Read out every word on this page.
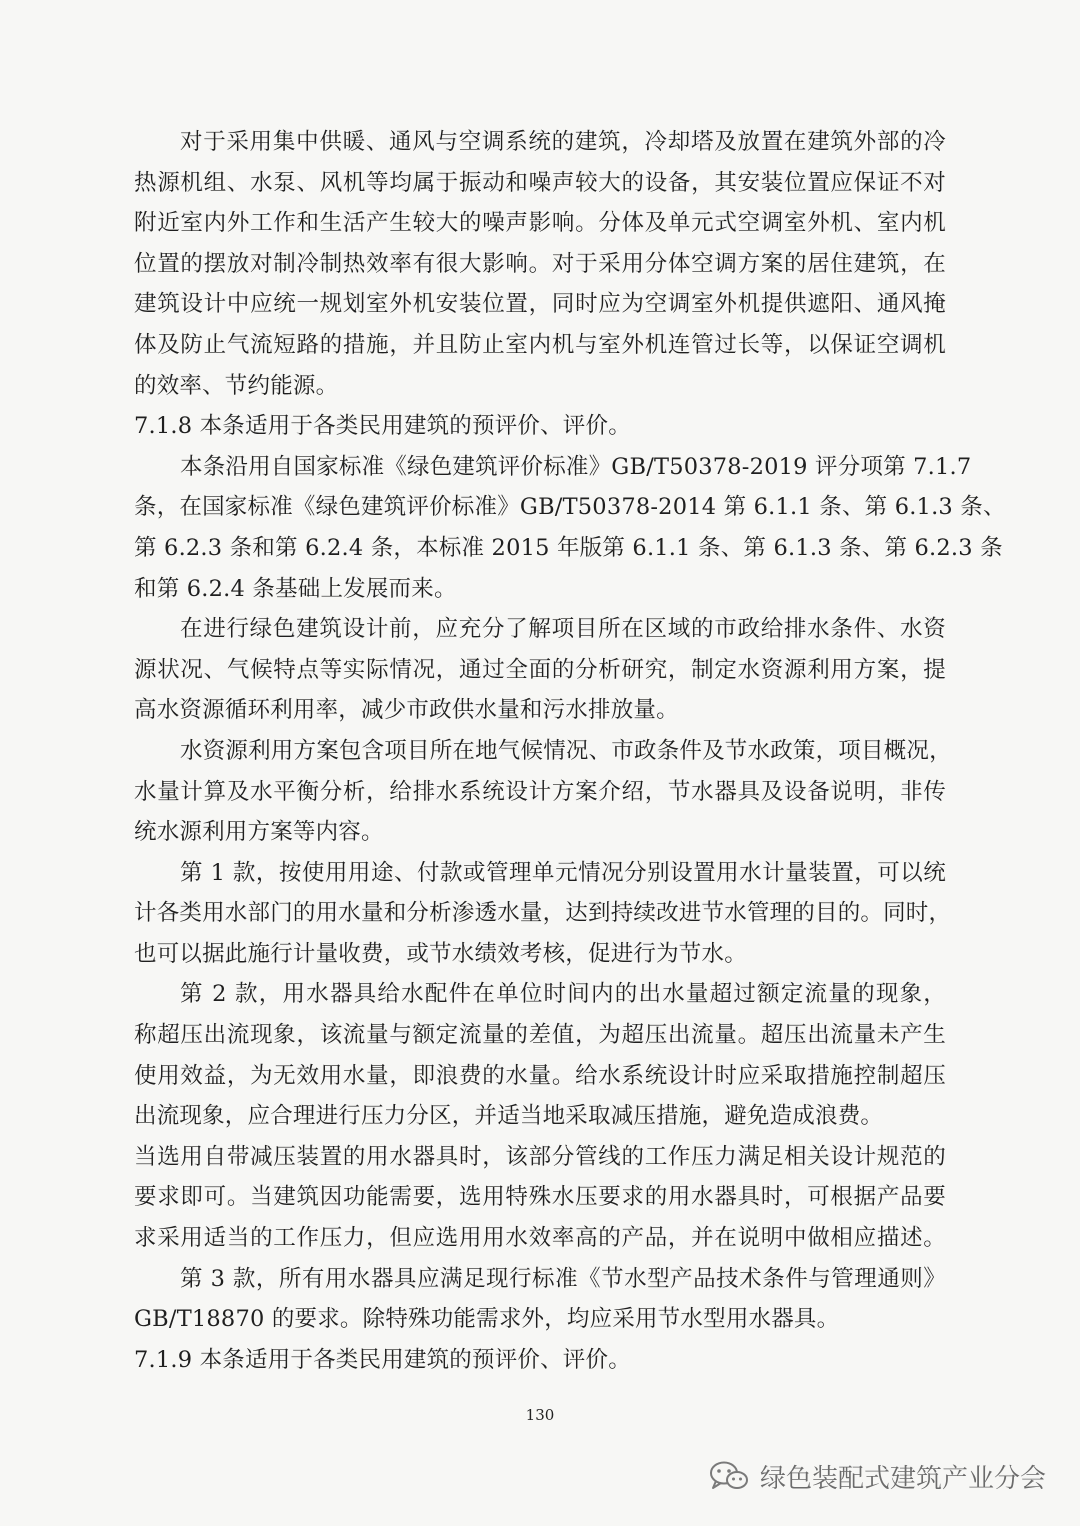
对于采用集中供暖、通风与空调系统的建筑，冷却塔及放置在建筑外部的冷
热源机组、水泵、风机等均属于振动和噪声较大的设备，其安装位置应保证不对
附近室内外工作和生活产生较大的噪声影响。分体及单元式空调室外机、室内机
位置的摆放对制冷制热效率有很大影响。对于采用分体空调方案的居住建筑，在
建筑设计中应统一规划室外机安装位置，同时应为空调室外机提供遮阳、通风掩
体及防止气流短路的措施，并且防止室内机与室外机连管过长等，以保证空调机
的效率、节约能源。
7.1.8 本条适用于各类民用建筑的预评价、评价。
本条沿用自国家标准《绿色建筑评价标准》GB/T50378-2019 评分项第 7.1.7
条，在国家标准《绿色建筑评价标准》GB/T50378-2014 第 6.1.1 条、第 6.1.3 条、
第 6.2.3 条和第 6.2.4 条，本标准 2015 年版第 6.1.1 条、第 6.1.3 条、第 6.2.3 条
和第 6.2.4 条基础上发展而来。
在进行绿色建筑设计前，应充分了解项目所在区域的市政给排水条件、水资
源状况、气候特点等实际情况，通过全面的分析研究，制定水资源利用方案，提
高水资源循环利用率，减少市政供水量和污水排放量。
水资源利用方案包含项目所在地气候情况、市政条件及节水政策，项目概况，
水量计算及水平衡分析，给排水系统设计方案介绍，节水器具及设备说明，非传
统水源利用方案等内容。
第 1 款，按使用用途、付款或管理单元情况分别设置用水计量装置，可以统
计各类用水部门的用水量和分析渗透水量，达到持续改进节水管理的目的。同时，
也可以据此施行计量收费，或节水绩效考核，促进行为节水。
第 2 款，用水器具给水配件在单位时间内的出水量超过额定流量的现象，
称超压出流现象，该流量与额定流量的差值，为超压出流量。超压出流量未产生
使用效益，为无效用水量，即浪费的水量。给水系统设计时应采取措施控制超压
出流现象，应合理进行压力分区，并适当地采取减压措施，避免造成浪费。
当选用自带减压装置的用水器具时，该部分管线的工作压力满足相关设计规范的
要求即可。当建筑因功能需要，选用特殊水压要求的用水器具时，可根据产品要
求采用适当的工作压力，但应选用用水效率高的产品，并在说明中做相应描述。
第 3 款，所有用水器具应满足现行标准《节水型产品技术条件与管理通则》
GB/T18870 的要求。除特殊功能需求外，均应采用节水型用水器具。
7.1.9 本条适用于各类民用建筑的预评价、评价。
130
绿色装配式建筑产业分会
